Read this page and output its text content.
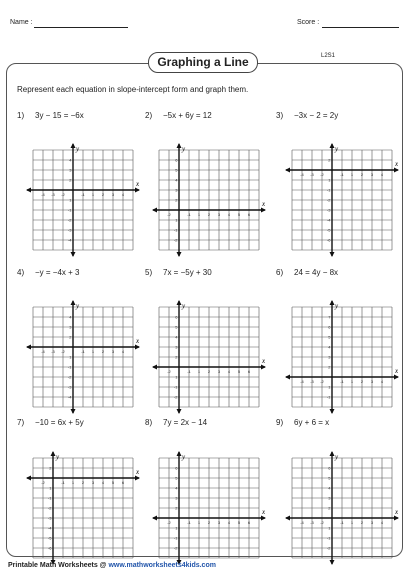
Name :	Score :
Graphing a Line	L2S1
Represent each equation in slope-intercept form and graph them.
1) 3y − 15 = −6x
x
y
-4 -3 -2	-1 1 2 3 4
4
3
2
1
-1
-2
-3
-4
2) −5x + 6y = 12
x
y
-2	-1 1 2 3 4 5 6
6
5
4
3
2
1
-1
-2
3) −3x − 2 = 2y
x
y
-4 -3 -2	-1 1 2 3 4
2
1
-1
-2
-3
-4
-5
-6
4) −y = −4x + 3
x
y
-4 -3 -2	-1 1 2 3 4
4
3
2
1
-1
-2
-3
-4
5) 7x = −5y + 30
x
y
-2	-1 1 2 3 4 5 6
6
5
4
3
2
1
-1
-2
6) 24 = 4y − 8x
x
y
-4 -3 -2	-1 1 2 3 4
7
6
5
4
3
2
1
-1
7) −10 = 6x + 5y
x
y
-2	-1 1 2 3 4 5 6
2
1
-1
-2
-3
-4
-5
-6
8) 7y = 2x − 14
x
y
-2	-1 1 2 3 4 5 6
6
5
4
3
2
1
-1
-2
9) 6y + 6 = x
x
y
-4 -3 -2	-1 1 2 3 4
6
5
4
3
2
1
-1
-2
Printable Math Worksheets @ www.mathworksheets4kids.com
